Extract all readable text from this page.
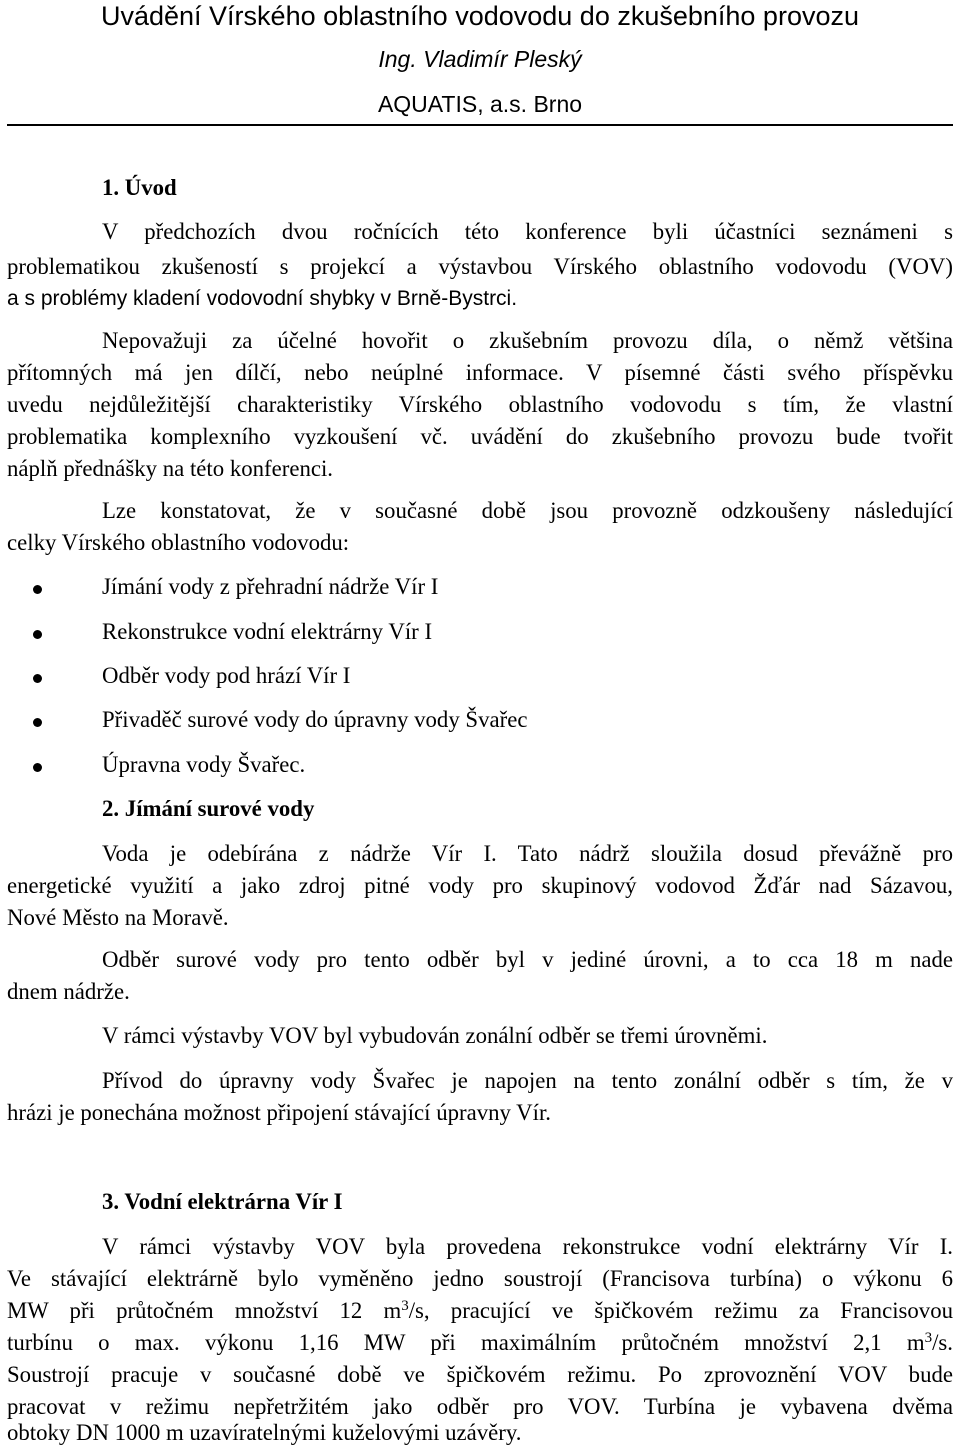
Uvádění Vírského oblastního vodovodu do zkušebního provozu
Ing. Vladimír Pleský
AQUATIS, a.s. Brno
1. Úvod
V předchozích dvou ročnících této konference byli účastníci seznámeni s
problematikou zkušeností s projekcí a výstavbou Vírského oblastního vodovodu (VOV)
a s problémy kladení vodovodní shybky v Brně-Bystrci.
Nepovažuji za účelné hovořit o zkušebním provozu díla, o němž většina
přítomných má jen dílčí, nebo neúplné informace. V písemné části svého příspěvku
uvedu nejdůležitější charakteristiky Vírského oblastního vodovodu s tím, že vlastní
problematika komplexního vyzkoušení vč. uvádění do zkušebního provozu bude tvořit
náplň přednášky na této konferenci.
Lze konstatovat, že v současné době jsou provozně odzkoušeny následující
celky Vírského oblastního vodovodu:
Jímání vody z přehradní nádrže Vír I
Rekonstrukce vodní elektrárny Vír I
Odběr vody pod hrází Vír I
Přivaděč surové vody do úpravny vody Švařec
Úpravna vody Švařec.
2. Jímání surové vody
Voda je odebírána z nádrže Vír I. Tato nádrž sloužila dosud převážně pro
energetické využití a jako zdroj pitné vody pro skupinový vodovod Žďár nad Sázavou,
Nové Město na Moravě.
Odběr surové vody pro tento odběr byl v jediné úrovni, a to cca 18 m nade
dnem nádrže.
V rámci výstavby VOV byl vybudován zonální odběr se třemi úrovněmi.
Přívod do úpravny vody Švařec je napojen na tento zonální odběr s tím, že v
hrázi je ponechána možnost připojení stávající úpravny Vír.
3. Vodní elektrárna Vír I
V rámci výstavby VOV byla provedena rekonstrukce vodní elektrárny Vír I.
Ve stávající elektrárně bylo vyměněno jedno soustrojí (Francisova turbína) o výkonu 6
MW při průtočném množství 12 $m^3/s$, pracující ve špičkovém režimu za Francisovou
turbínu o max. výkonu 1,16 MW při maximálním průtočném množství 2,1 $m^3/s$.
Soustrojí pracuje v současné době ve špičkovém režimu. Po zprovoznění VOV bude
pracovat v režimu nepřetržitém jako odběr pro VOV. Turbína je vybavena dvěma
obtoky DN 1000 m uzavíratelnými kuželovými uzávěry.
